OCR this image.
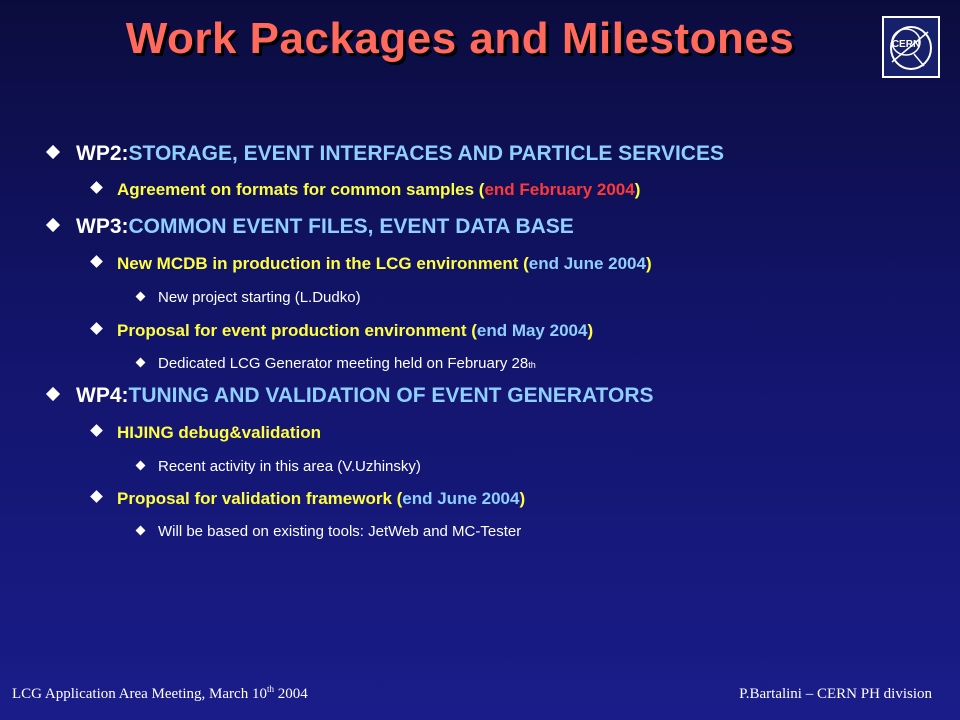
Work Packages and Milestones	CERN
WP2: STORAGE, EVENT INTERFACES AND PARTICLE SERVICES
Agreement on formats for common samples ( end February 2004 )
WP3: COMMON EVENT FILES, EVENT DATA BASE
New MCDB in production in the LCG environment ( end June 2004 )
New project starting (L.Dudko)
Proposal for event production environment ( end May 2004 )
Dedicated LCG Generator meeting held on February 28 th
WP4: TUNING AND VALIDATION OF EVENT GENERATORS
HIJING debug&validation
Recent activity in this area (V.Uzhinsky)
Proposal for validation framework ( end June 2004 )
Will be based on existing tools: JetWeb and MC-Tester
LCG Application Area Meeting, March 10th 2004	P.Bartalini – CERN PH division
